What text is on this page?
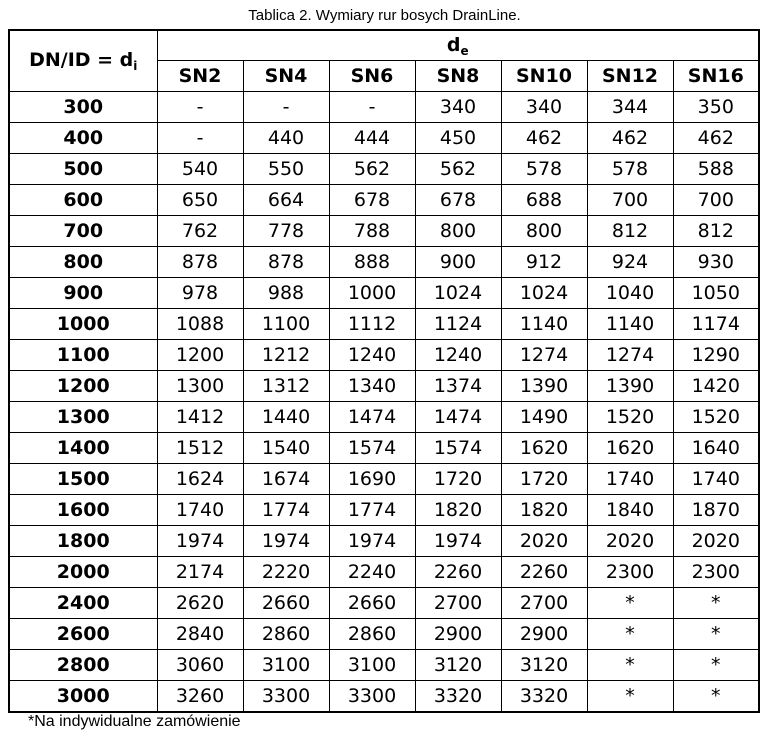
Tablica 2. Wymiary rur bosych DrainLine.
$DN/ID = d_i$	$d_e$
	SN2	SN4	SN6	SN8	SN10	SN12	SN16
300	-	-	-	340	340	344	350
400	-	440	444	450	462	462	462
500	540	550	562	562	578	578	588
600	650	664	678	678	688	700	700
700	762	778	788	800	800	812	812
800	878	878	888	900	912	924	930
900	978	988	1000	1024	1024	1040	1050
1000	1088	1100	1112	1124	1140	1140	1174
1100	1200	1212	1240	1240	1274	1274	1290
1200	1300	1312	1340	1374	1390	1390	1420
1300	1412	1440	1474	1474	1490	1520	1520
1400	1512	1540	1574	1574	1620	1620	1640
1500	1624	1674	1690	1720	1720	1740	1740
1600	1740	1774	1774	1820	1820	1840	1870
1800	1974	1974	1974	1974	2020	2020	2020
2000	2174	2220	2240	2260	2260	2300	2300
2400	2620	2660	2660	2700	2700	*	*
2600	2840	2860	2860	2900	2900	*	*
2800	3060	3100	3100	3120	3120	*	*
3000	3260	3300	3300	3320	3320	*	*
*Na indywidualne zamówienie
